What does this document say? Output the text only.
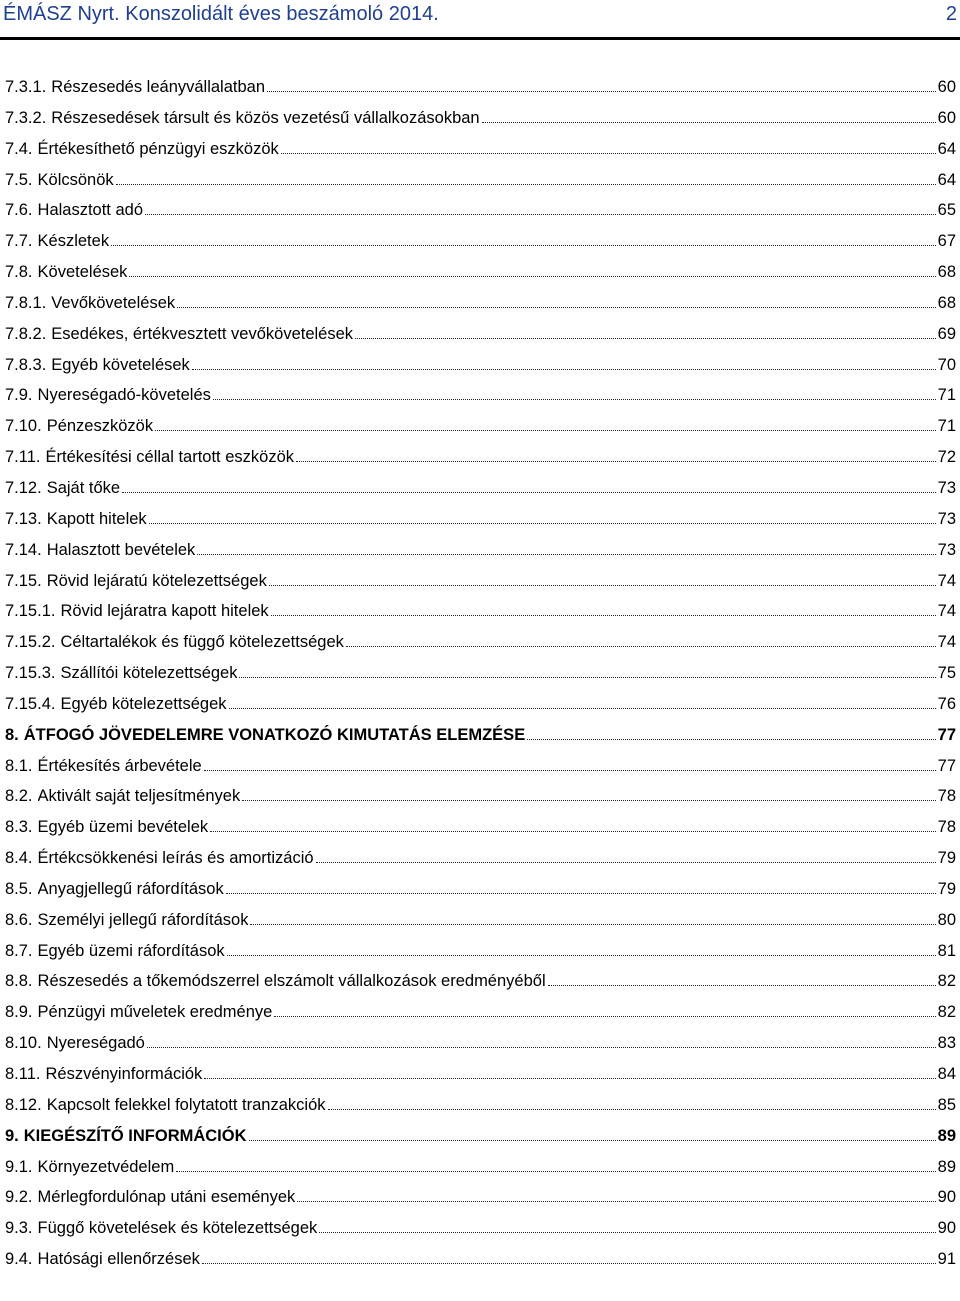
ÉMÁSZ Nyrt. Konszolidált éves beszámoló 2014.	2
7.3.1. Részesedés leányvállalatban	60
7.3.2. Részesedések társult és közös vezetésű vállalkozásokban	60
7.4. Értékesíthető pénzügyi eszközök	64
7.5. Kölcsönök	64
7.6. Halasztott adó	65
7.7. Készletek	67
7.8. Követelések	68
7.8.1. Vevőkövetelések	68
7.8.2. Esedékes, értékvesztett vevőkövetelések	69
7.8.3. Egyéb követelések	70
7.9. Nyereségadó-követelés	71
7.10. Pénzeszközök	71
7.11. Értékesítési céllal tartott eszközök	72
7.12. Saját tőke	73
7.13. Kapott hitelek	73
7.14. Halasztott bevételek	73
7.15. Rövid lejáratú kötelezettségek	74
7.15.1. Rövid lejáratra kapott hitelek	74
7.15.2. Céltartalékok és függő kötelezettségek	74
7.15.3. Szállítói kötelezettségek	75
7.15.4. Egyéb kötelezettségek	76
8. ÁTFOGÓ JÖVEDELEMRE VONATKOZÓ KIMUTATÁS ELEMZÉSE	77
8.1. Értékesítés árbevétele	77
8.2. Aktivált saját teljesítmények	78
8.3. Egyéb üzemi bevételek	78
8.4. Értékcsökkenési leírás és amortizáció	79
8.5. Anyagjellegű ráfordítások	79
8.6. Személyi jellegű ráfordítások	80
8.7. Egyéb üzemi ráfordítások	81
8.8. Részesedés a tőkemódszerrel elszámolt vállalkozások eredményéből	82
8.9. Pénzügyi műveletek eredménye	82
8.10. Nyereségadó	83
8.11. Részvényinformációk	84
8.12. Kapcsolt felekkel folytatott tranzakciók	85
9. KIEGÉSZÍTŐ INFORMÁCIÓK	89
9.1. Környezetvédelem	89
9.2. Mérlegfordulónap utáni események	90
9.3. Függő követelések és kötelezettségek	90
9.4. Hatósági ellenőrzések	91
